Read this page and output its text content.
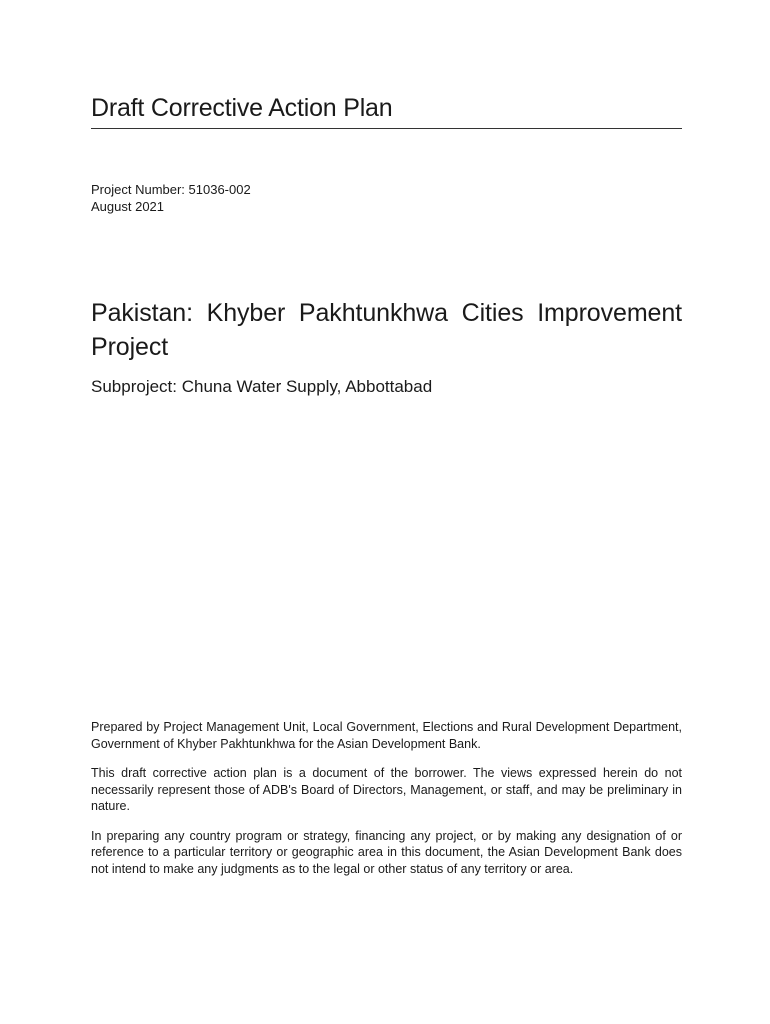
Draft Corrective Action Plan
Project Number: 51036-002
August 2021
Pakistan: Khyber Pakhtunkhwa Cities Improvement Project
Subproject: Chuna Water Supply, Abbottabad

Prepared by Project Management Unit, Local Government, Elections and Rural Development Department, Government of Khyber Pakhtunkhwa for the Asian Development Bank.

This draft corrective action plan is a document of the borrower. The views expressed herein do not necessarily represent those of ADB's Board of Directors, Management, or staff, and may be preliminary in nature.

In preparing any country program or strategy, financing any project, or by making any designation of or reference to a particular territory or geographic area in this document, the Asian Development Bank does not intend to make any judgments as to the legal or other status of any territory or area.
